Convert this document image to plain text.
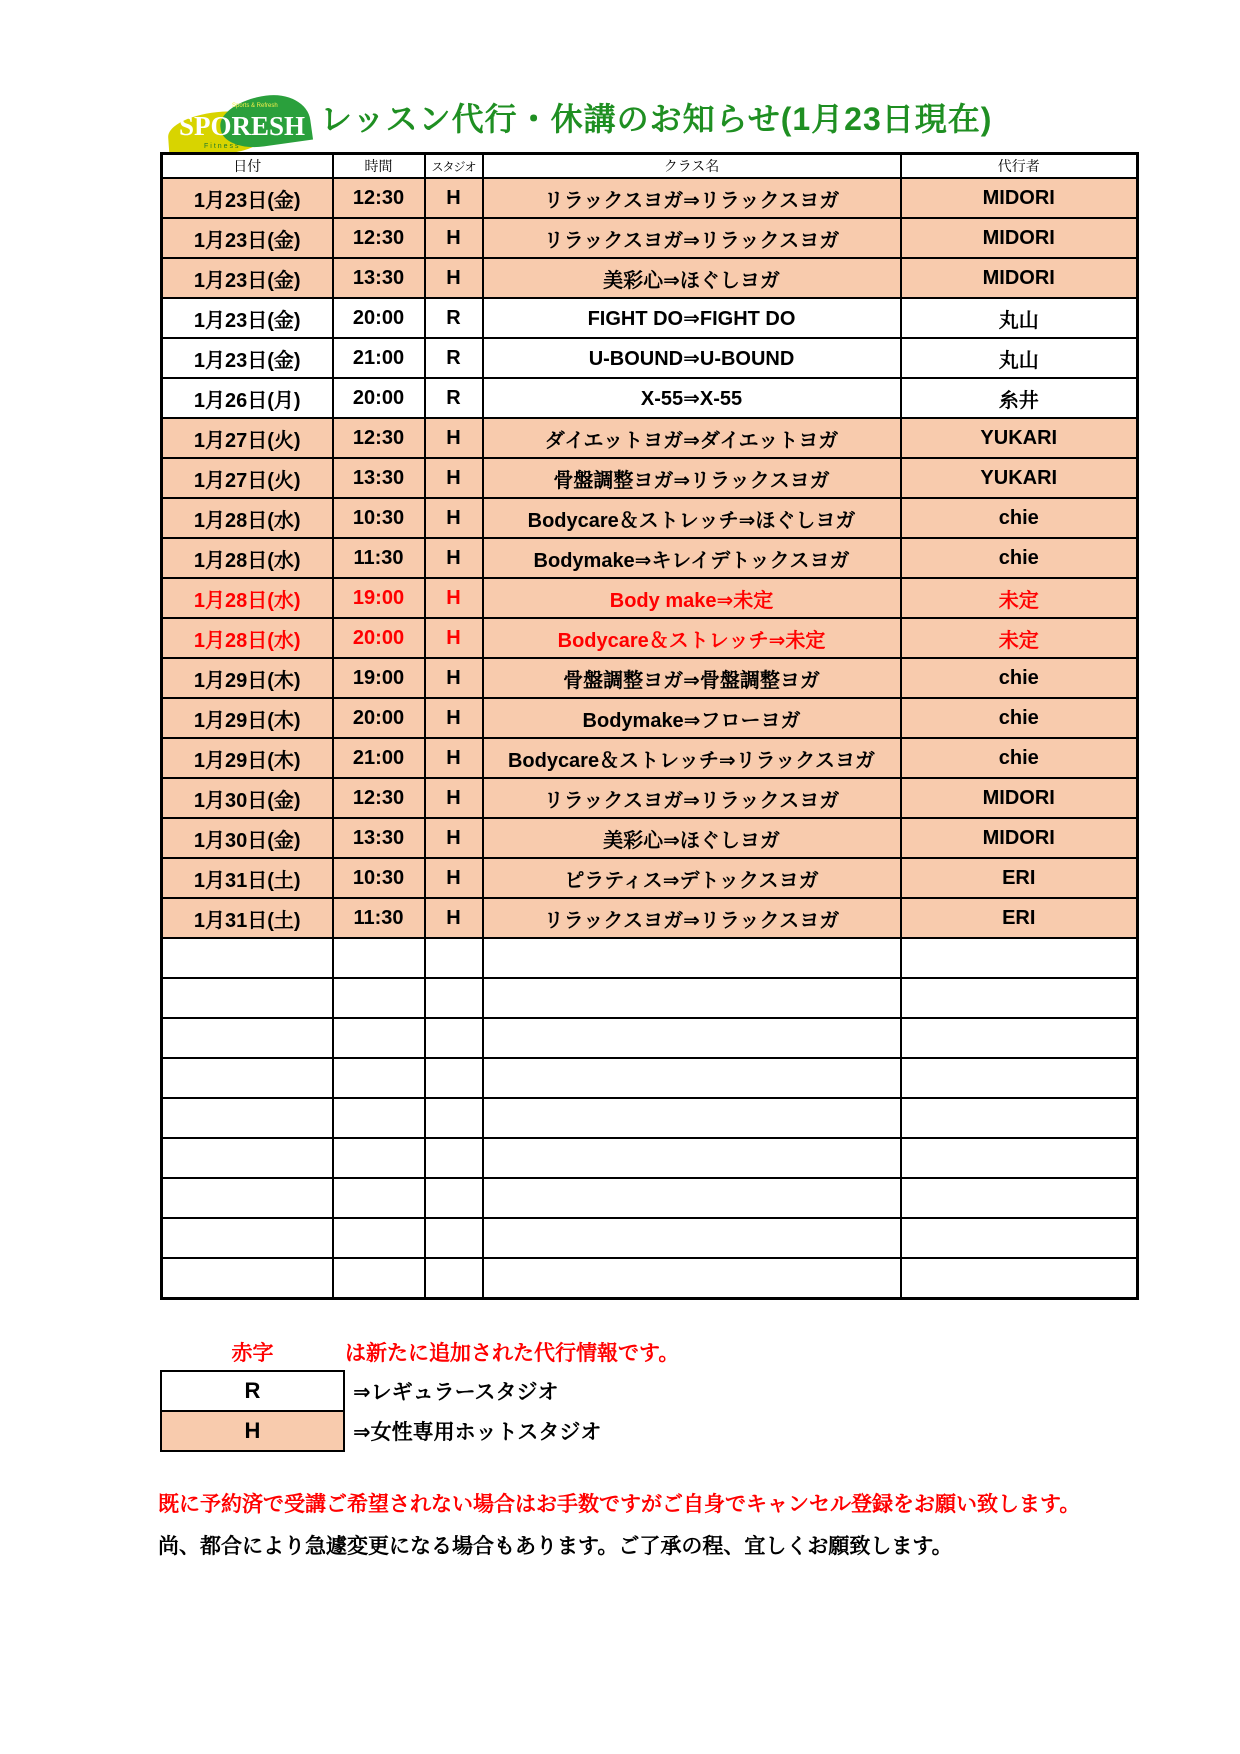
Sports & Refresh
SPORESH
Fitness
レッスン代行・休講のお知らせ(1月23日現在)
日付	時間	スタジオ	クラス名	代行者
1月23日(金)	12:30	H	リラックスヨガ⇒リラックスヨガ	MIDORI
1月23日(金)	12:30	H	リラックスヨガ⇒リラックスヨガ	MIDORI
1月23日(金)	13:30	H	美彩心⇒ほぐしヨガ	MIDORI
1月23日(金)	20:00	R	FIGHT DO⇒FIGHT DO	丸山
1月23日(金)	21:00	R	U-BOUND⇒U-BOUND	丸山
1月26日(月)	20:00	R	X-55⇒X-55	糸井
1月27日(火)	12:30	H	ダイエットヨガ⇒ダイエットヨガ	YUKARI
1月27日(火)	13:30	H	骨盤調整ヨガ⇒リラックスヨガ	YUKARI
1月28日(水)	10:30	H	Bodycare＆ストレッチ⇒ほぐしヨガ	chie
1月28日(水)	11:30	H	Bodymake⇒キレイデトックスヨガ	chie
1月28日(水)	19:00	H	Body make⇒未定	未定
1月28日(水)	20:00	H	Bodycare＆ストレッチ⇒未定	未定
1月29日(木)	19:00	H	骨盤調整ヨガ⇒骨盤調整ヨガ	chie
1月29日(木)	20:00	H	Bodymake⇒フローヨガ	chie
1月29日(木)	21:00	H	Bodycare＆ストレッチ⇒リラックスヨガ	chie
1月30日(金)	12:30	H	リラックスヨガ⇒リラックスヨガ	MIDORI
1月30日(金)	13:30	H	美彩心⇒ほぐしヨガ	MIDORI
1月31日(土)	10:30	H	ピラティス⇒デトックスヨガ	ERI
1月31日(土)	11:30	H	リラックスヨガ⇒リラックスヨガ	ERI

赤字	は新たに追加された代行情報です。
R	⇒レギュラースタジオ
H	⇒女性専用ホットスタジオ

既に予約済で受講ご希望されない場合はお手数ですがご自身でキャンセル登録をお願い致します。

尚、都合により急遽変更になる場合もあります。ご了承の程、宜しくお願致します。
